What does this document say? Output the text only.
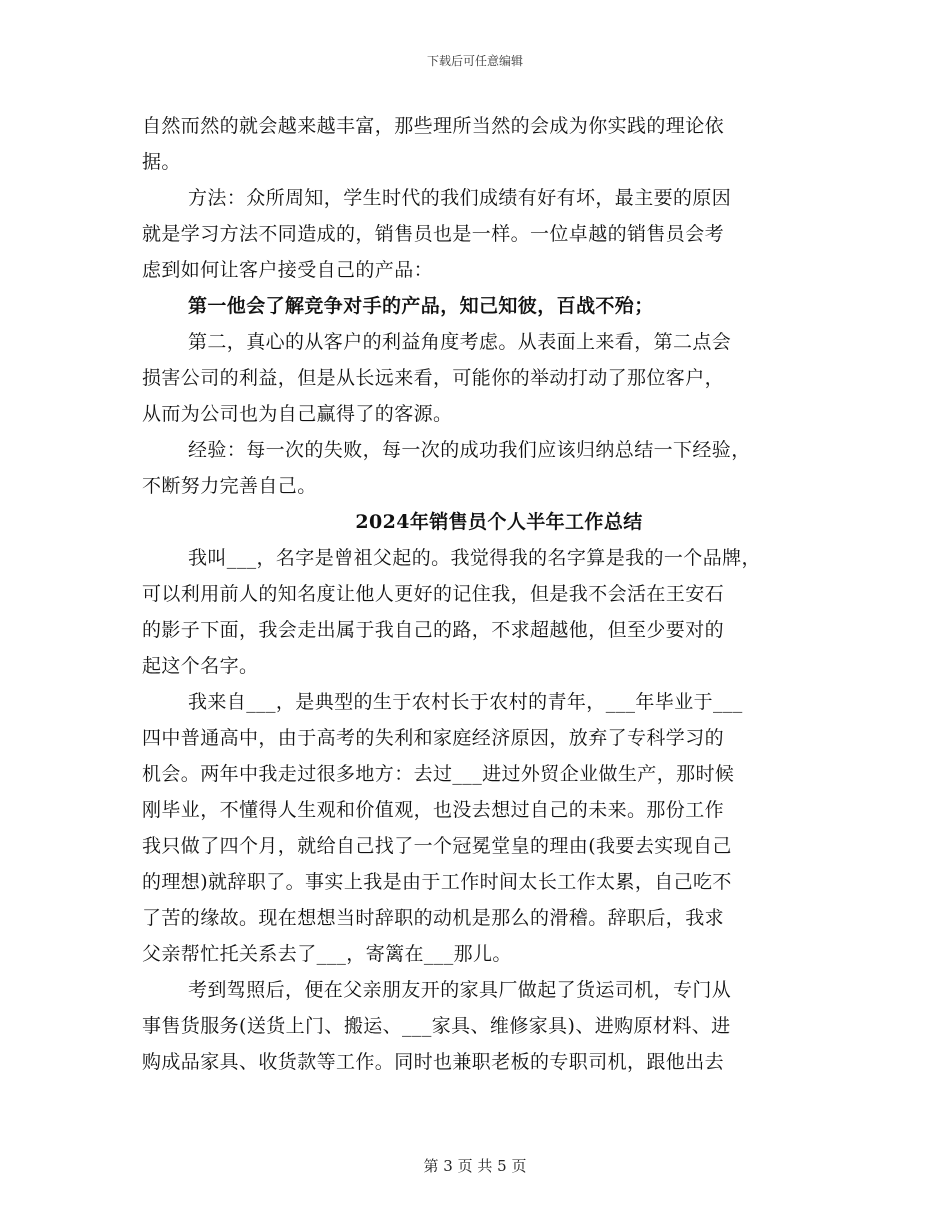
下载后可任意编辑
自然而然的就会越来越丰富，那些理所当然的会成为你实践的理论依
据。
方法：众所周知，学生时代的我们成绩有好有坏，最主要的原因
就是学习方法不同造成的，销售员也是一样。一位卓越的销售员会考
虑到如何让客户接受自己的产品：
第一他会了解竞争对手的产品，知己知彼，百战不殆；
第二，真心的从客户的利益角度考虑。从表面上来看，第二点会
损害公司的利益，但是从长远来看，可能你的举动打动了那位客户，
从而为公司也为自己赢得了的客源。
经验：每一次的失败，每一次的成功我们应该归纳总结一下经验，
不断努力完善自己。
2024年销售员个人半年工作总结
我叫___，名字是曾祖父起的。我觉得我的名字算是我的一个品牌，
可以利用前人的知名度让他人更好的记住我，但是我不会活在王安石
的影子下面，我会走出属于我自己的路，不求超越他，但至少要对的
起这个名字。
我来自___，是典型的生于农村长于农村的青年，___年毕业于___
四中普通高中，由于高考的失利和家庭经济原因，放弃了专科学习的
机会。两年中我走过很多地方：去过___进过外贸企业做生产，那时候
刚毕业，不懂得人生观和价值观，也没去想过自己的未来。那份工作
我只做了四个月，就给自己找了一个冠冕堂皇的理由(我要去实现自己
的理想)就辞职了。事实上我是由于工作时间太长工作太累，自己吃不
了苦的缘故。现在想想当时辞职的动机是那么的滑稽。辞职后，我求
父亲帮忙托关系去了___，寄篱在___那儿。
考到驾照后，便在父亲朋友开的家具厂做起了货运司机，专门从
事售货服务(送货上门、搬运、___家具、维修家具)、进购原材料、进
购成品家具、收货款等工作。同时也兼职老板的专职司机，跟他出去
第 3 页 共 5 页
